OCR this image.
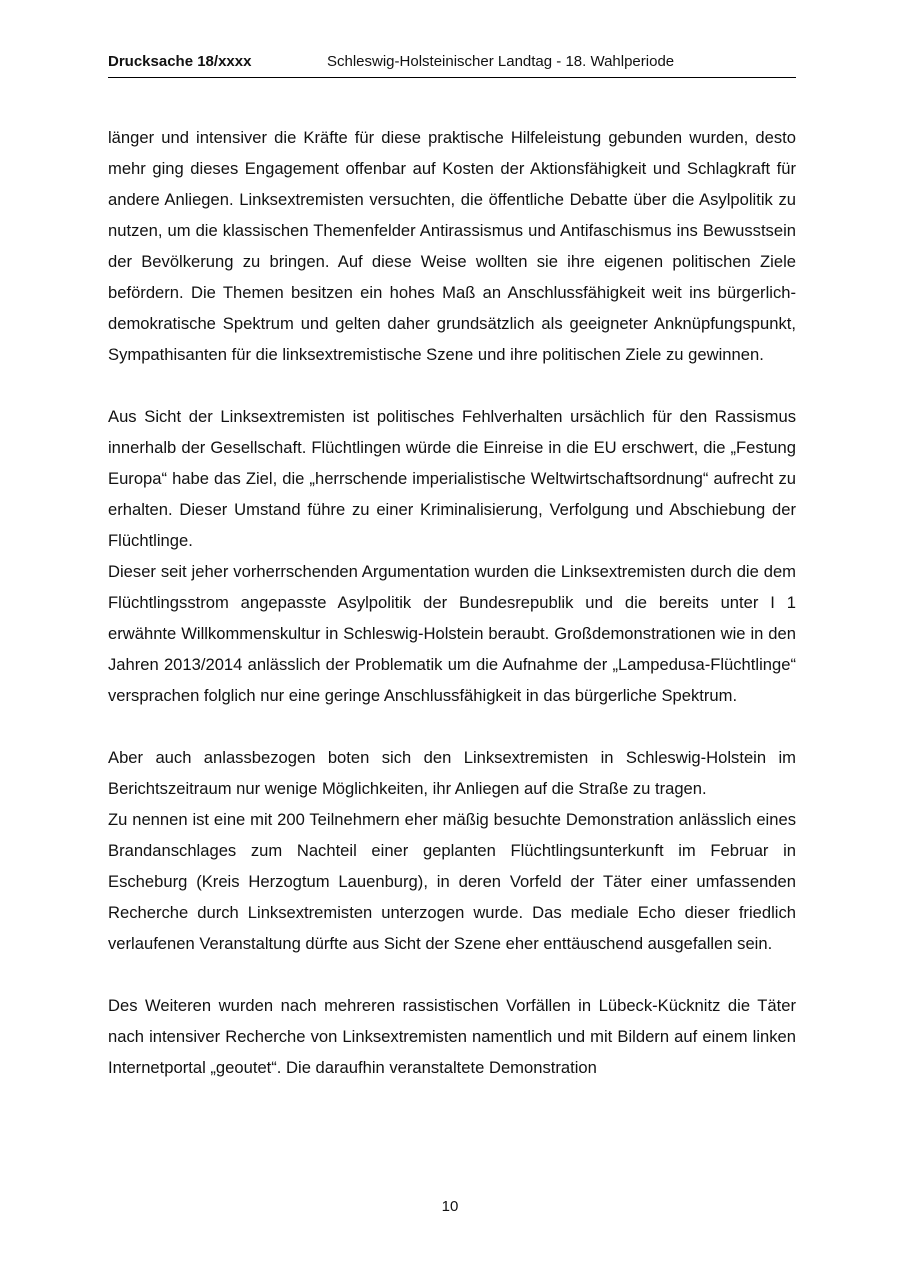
Drucksache 18/xxxx	Schleswig-Holsteinischer Landtag - 18. Wahlperiode

länger und intensiver die Kräfte für diese praktische Hilfeleistung gebunden wurden, desto mehr ging dieses Engagement offenbar auf Kosten der Aktionsfähigkeit und Schlagkraft für andere Anliegen. Linksextremisten versuchten, die öffentliche Debatte über die Asylpolitik zu nutzen, um die klassischen Themenfelder Antirassismus und Antifaschismus ins Bewusstsein der Bevölkerung zu bringen. Auf diese Weise wollten sie ihre eigenen politischen Ziele befördern. Die Themen besitzen ein hohes Maß an Anschlussfähigkeit weit ins bürgerlich-demokratische Spektrum und gelten daher grundsätzlich als geeigneter Anknüpfungspunkt, Sympathisanten für die linksextremistische Szene und ihre politischen Ziele zu gewinnen.

Aus Sicht der Linksextremisten ist politisches Fehlverhalten ursächlich für den Rassismus innerhalb der Gesellschaft. Flüchtlingen würde die Einreise in die EU erschwert, die „Festung Europa“ habe das Ziel, die „herrschende imperialistische Weltwirtschaftsordnung“ aufrecht zu erhalten. Dieser Umstand führe zu einer Kriminalisierung, Verfolgung und Abschiebung der Flüchtlinge.

Dieser seit jeher vorherrschenden Argumentation wurden die Linksextremisten durch die dem Flüchtlingsstrom angepasste Asylpolitik der Bundesrepublik und die bereits unter I 1 erwähnte Willkommenskultur in Schleswig-Holstein beraubt. Großdemonstrationen wie in den Jahren 2013/2014 anlässlich der Problematik um die Aufnahme der „Lampedusa-Flüchtlinge“ versprachen folglich nur eine geringe Anschlussfähigkeit in das bürgerliche Spektrum.

Aber auch anlassbezogen boten sich den Linksextremisten in Schleswig-Holstein im Berichtszeitraum nur wenige Möglichkeiten, ihr Anliegen auf die Straße zu tragen.

Zu nennen ist eine mit 200 Teilnehmern eher mäßig besuchte Demonstration anlässlich eines Brandanschlages zum Nachteil einer geplanten Flüchtlingsunterkunft im Februar in Escheburg (Kreis Herzogtum Lauenburg), in deren Vorfeld der Täter einer umfassenden Recherche durch Linksextremisten unterzogen wurde. Das mediale Echo dieser friedlich verlaufenen Veranstaltung dürfte aus Sicht der Szene eher enttäuschend ausgefallen sein.

Des Weiteren wurden nach mehreren rassistischen Vorfällen in Lübeck-Kücknitz die Täter nach intensiver Recherche von Linksextremisten namentlich und mit Bildern auf einem linken Internetportal „geoutet“. Die daraufhin veranstaltete Demonstration

10
